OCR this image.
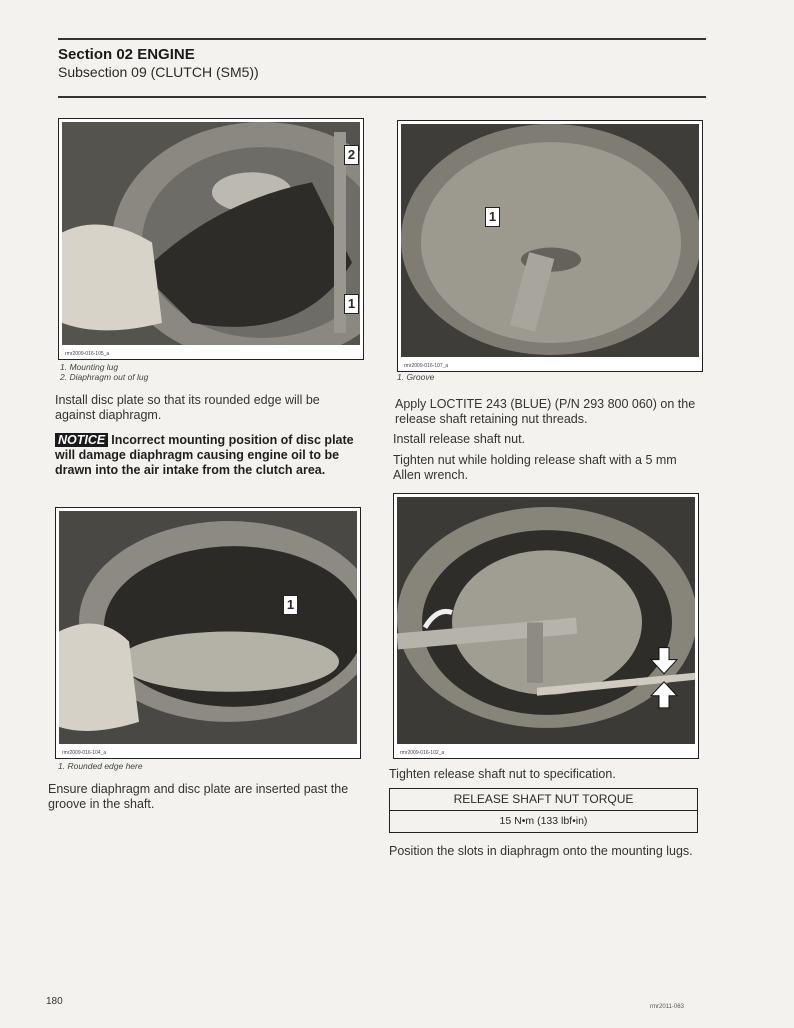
Section 02 ENGINE
Subsection 09 (CLUTCH (SM5))
2
1
rmr2009-016-105_a
1. Mounting lug
2. Diaphragm out of lug
1
rmr2009-016-107_a
1. Groove
Install disc plate so that its rounded edge will be against diaphragm.
NOTICE Incorrect mounting position of disc plate will damage diaphragm causing engine oil to be drawn into the air intake from the clutch area.
1
rmr2009-016-104_a
1. Rounded edge here
Ensure diaphragm and disc plate are inserted past the groove in the shaft.
Apply LOCTITE 243 (BLUE) (P/N 293 800 060) on the release shaft retaining nut threads.
Install release shaft nut.
Tighten nut while holding release shaft with a 5 mm Allen wrench.
rmr2009-016-102_a
Tighten release shaft nut to specification.
RELEASE SHAFT NUT TORQUE
15 N•m (133 lbf•in)
Position the slots in diaphragm onto the mounting lugs.
180	rmr2011-063
